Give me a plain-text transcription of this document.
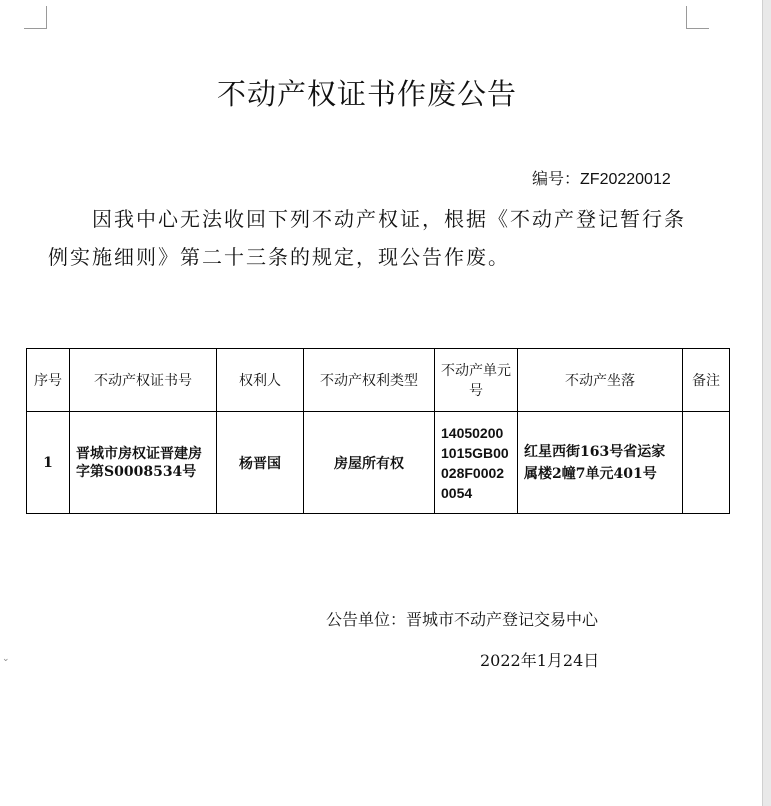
⌄
不动产权证书作废公告
编号：ZF20220012

因我中心无法收回下列不动产权证，根据《不动产登记暂行条例实施细则》第二十三条的规定，现公告作废。

序号	不动产权证书号	权利人	不动产权利类型	不动产单元号	不动产坐落	备注
1	晋城市房权证晋建房字第S0008534号	杨晋国	房屋所有权	140502001015GB00028F00020054	红星西街163号省运家属楼2幢7单元401号	
公告单位：晋城市不动产登记交易中心
2022年1月24日
